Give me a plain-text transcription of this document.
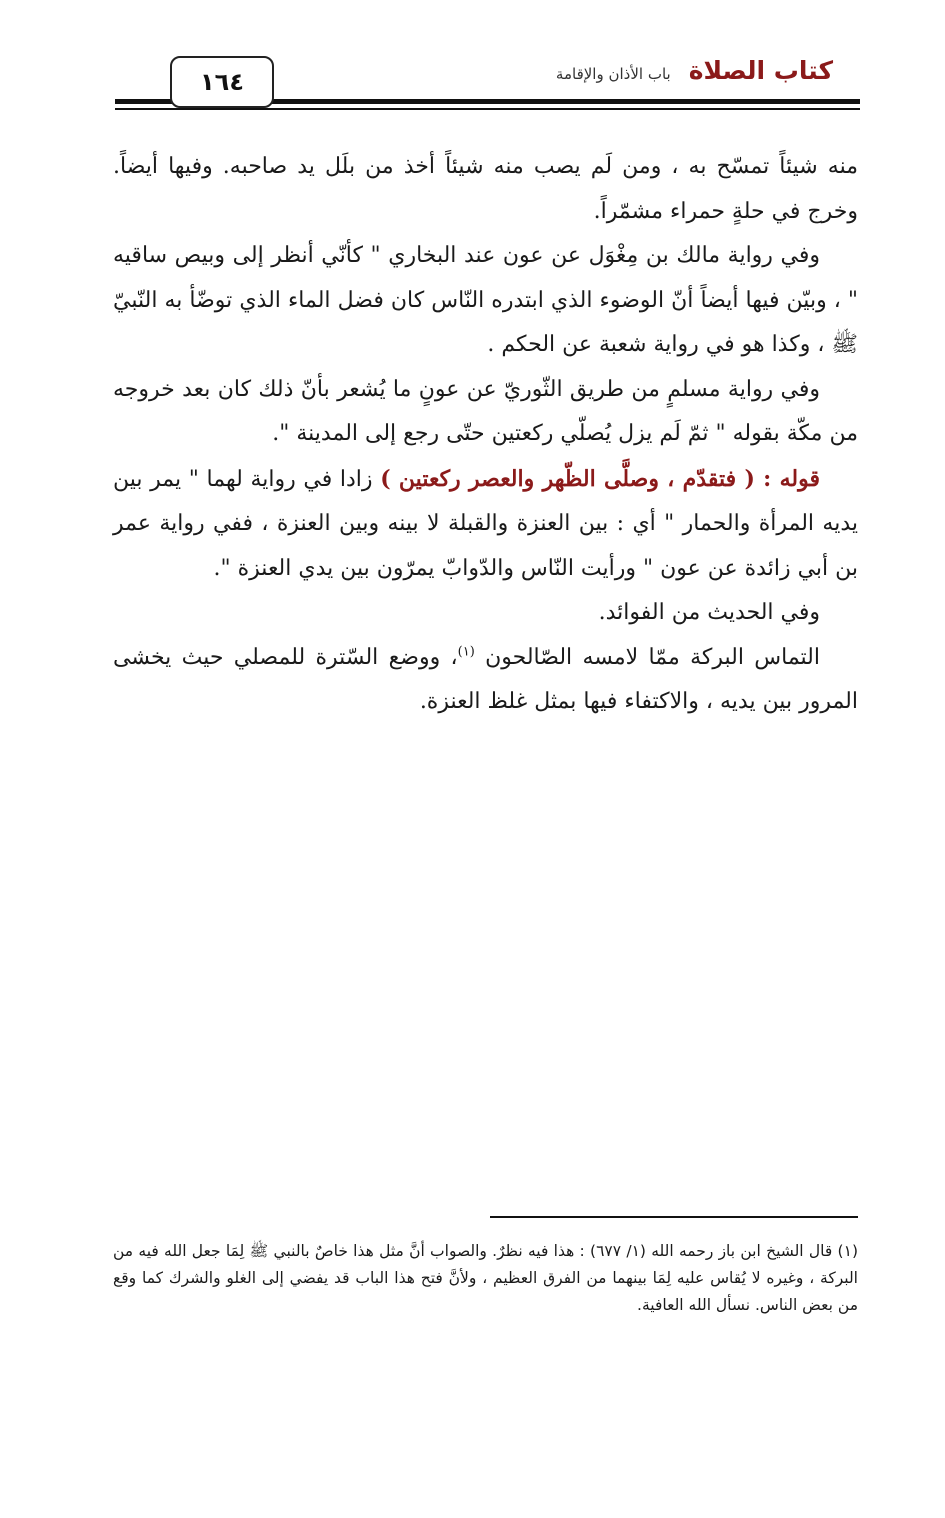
١٦٤	كتاب الصلاة
باب الأذان والإقامة

منه شيئاً تمسّح به ، ومن لَم يصب منه شيئاً أخذ من بلَل يد صاحبه. وفيها أيضاً. وخرج في حلةٍ حمراء مشمّراً.

وفي رواية مالك بن مِغْوَل عن عون عند البخاري " كأنّي أنظر إلى وبيص ساقيه " ، وبيّن فيها أيضاً أنّ الوضوء الذي ابتدره النّاس كان فضل الماء الذي توضّأ به النّبيّ ﷺ ، وكذا هو في رواية شعبة عن الحكم .

وفي رواية مسلمٍ من طريق الثّوريّ عن عونٍ ما يُشعر بأنّ ذلك كان بعد خروجه من مكّة بقوله " ثمّ لَم يزل يُصلّي ركعتين حتّى رجع إلى المدينة ".

قوله : ( فتقدّم ، وصلَّى الظّهر والعصر ركعتين ) زادا في رواية لهما " يمر بين يديه المرأة والحمار " أي : بين العنزة والقبلة لا بينه وبين العنزة ، ففي رواية عمر بن أبي زائدة عن عون " ورأيت النّاس والدّوابّ يمرّون بين يدي العنزة ".

وفي الحديث من الفوائد.

التماس البركة ممّا لامسه الصّالحون $^{(١)}$، ووضع السّترة للمصلي حيث يخشى المرور بين يديه ، والاكتفاء فيها بمثل غلظ العنزة.

(١) قال الشيخ ابن باز رحمه الله (١/ ٦٧٧) : هذا فيه نظرٌ. والصواب أنَّ مثل هذا خاصٌ بالنبي ﷺ لِمَا جعل الله فيه من البركة ، وغيره لا يُقاس عليه لِمَا بينهما من الفرق العظيم ، ولأنَّ فتح هذا الباب قد يفضي إلى الغلو والشرك كما وقع من بعض الناس. نسأل الله العافية.
